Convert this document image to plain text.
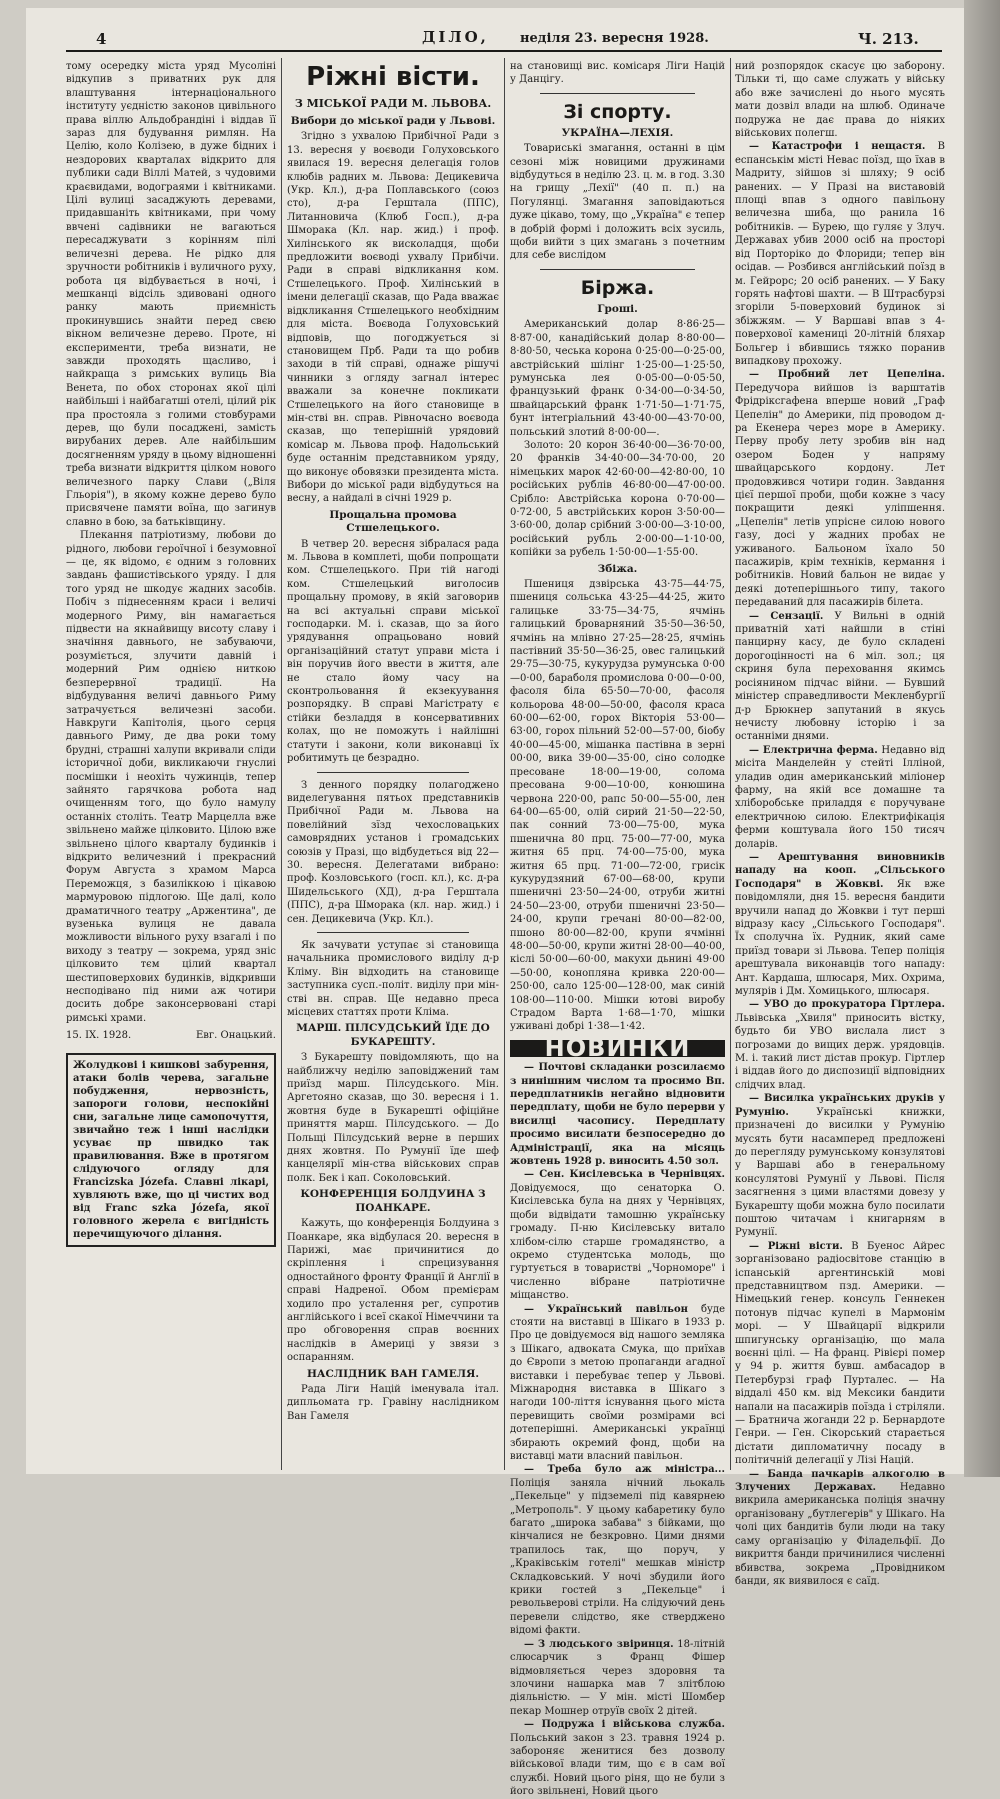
4	ДІЛО, неділя 23. вересня 1928.	Ч. 213.

тому осередку міста уряд Мусоліні відкупив з приватних рук для влаштування інтернаціонального інституту уєдністю законов цивільного права віллю Альдобрандіні і віддав її зараз для будування римлян. На Целію, коло Колізею, в дуже бідних і нездорових кварталах відкрито для публики сади Віллі Матей, з чудовими краєвидами, водограями і квітниками. Цілі вулиці засаджують деревами, придавшаніть квітниками, при чому ввчені садівники не вагаються пересаджувати з корінням пілі величезні дерева. Не рідко для зручности робітників і вуличного руху, робота ця відбувається в ночі, і мешканці відсіль здивовані однoго ранку мають приємність прокинувшись знайти перед свєю вікном величезне дерево. Проте, ні експерименти, треба визнати, не завжди проходять щасливо, і найкраща з римських вулиць Віа Венета, по обох сторонах якої цілі найбільші і найбагатші отелі, цілий рік пра простояла з голими стовбурами дерев, що були посаджені, замість вирубаних дерев. Але найбільшим досягненням уряду в цьому відношенні треба визнати відкриття цілком нового величезного парку Слави („Віля Гльорія"), в якому кожне дерево було присвячене памяти воїна, що загинув славно в бою, за батьківщину.

Плекання патріотизму, любови до рідного, любови героїчної і безумовної — це, як відомо, є одним з головних завдань фашистівського уряду. І для того уряд не шкодує жадних засобів. Побіч з піднесенням краси і величі модерного Риму, він намагається підвести на якнайвищу висоту славу і значіння давнього, не забуваючи, розуміється, злучити давній і модерний Рим однією ниткою безперервної традиції. На відбудування величі давнього Риму затрачується величезні засоби. Навкруги Капітолія, цього серця давнього Риму, де два роки тому брудні, страшні халупи вкривали сліди історичної доби, викликаючи гнуслиі посмішки і неохіть чужинців, тепер зайнято гарячкова робота над очищенням того, що було намулу останніх століть. Театр Марцеллa вже звільнено майже цілковито. Цілою вже звільнено цілого кварталу будинків і відкрито величезний і прекрасний Форум Августа з храмом Марса Переможця, з базиліккою і цікавою мармуровою підлогою. Ще далі, коло драматичного театру „Аржентина", де вузенька вулиця не давала можливости вільного руху взагалі і по виходу з театру — зокрема, уряд зніс цілковито тєм цілий квартал шестиповерхових будинків, відкривши несподівано під ними аж чотири досить добре законсервовані старі римські храми.

15. IX. 1928.	Евг. Онацький.
Жолудкові і кишкові забурення, атаки болів черева, загальне побудження, нервозність, запороги голови, неспокійні сни, загальне лице самопочуття, звичайно теж і інші наслідки усуває пр швидко так правилювання. Вже в протягом слідуючого огляду для Francizska Józefa. Славні лікарі, хувляють вже, що ці чистих вод від Franc szka Józefa, якої головного жерела є вигідність перечищуючого ділання.
Ріжні вісти.
З МІСЬКОЇ РАДИ М. ЛЬВОВА.
Вибори до міської ради у Львові.

Згідно з ухвалою Прибічної Ради з 13. вересня у воєводи Голуховського явилася 19. вересня делегація голов клюбів радних м. Львова: Децикевича (Укр. Кл.), д-ра Поплавського (союз сто), д-ра Герштала (ППС), Литанновича (Клюб Госп.), д-ра Шморака (Кл. нар. жид.) і проф. Хилінського як висколадця, щоби предложити воєводі ухвалу Прибічи. Ради в справі відкликання ком. Стшелецького. Проф. Хилінський в імени делегації сказав, що Рада вважає відкликання Стшелецького необхідним для міста. Воєвода Голуховський відповів, що погоджується зі становищем Прб. Ради та що робив заходи в тій справі, однаже рішучі чинники з огляду загнал інтерес вважали за конечне покликати Стшелецького на його становище в мін-стві вн. справ. Рівночасно воєвода сказав, що теперішній урядовий комісар м. Львова проф. Надольський буде останнім представником уряду, що виконує обовязки президента міста. Вибори до міської ради відбудуться на весну, а найдалі в січні 1929 р.

Прощальна промова Стшелецького.

В четвер 20. вересня зібралася рада м. Львова в комплеті, щоби попрощати ком. Стшелецького. При тій нагоді ком. Стшелецький виголосив прощальну промову, в якій заговорив на всі актуальні справи міської господарки. М. і. сказав, що за його урядування опрацьовано новий організаційний статут управи міста і він поручив його ввести в життя, але не стало йому часу на сконтрольовання й екзекуування розпорядку. В справі Магістрату є стійки безладдя в консервативних колах, що не поможуть і найлішні статути і закони, коли виконавці їх робитимуть це безрадно.

З денного порядку полагоджено виделегування пятьох представників Прибічної Ради м. Львова на повелійний зїзд чехословацьких самоврядних установ і громадських союзів у Празі, що відбудеться від 22—30. вересня. Делегатами вибрано: проф. Козловського (госп. кл.), кс. д-ра Шидельського (ХД), д-ра Герштала (ППС), д-ра Шморака (кл. нар. жид.) і сен. Децикевича (Укр. Кл.).

Як зачувати уступає зі становища начальника промислового виділу д-р Кліму. Він відходить на становище заступника сусп.-політ. виділу при мін-стві вн. справ. Ще недавно преса місцевих статтях проти Кліма.

МАРШ. ПІЛСУДСЬКИЙ ЇДЕ ДО БУКАРЕШТУ.

З Букарешту повідомляють, що на найближчу неділю заповіджений там приїзд марш. Пілсудського. Мін. Аргетояно сказав, що 30. вересня і 1. жовтня буде в Букарешті офіційне приняття марш. Пілсудського. — До Польщі Пілсудський верне в перших днях жовтня. По Румунії їде шеф канцелярії мін-ства військових справ полк. Бек і кап. Соколовський.

КОНФЕРЕНЦІЯ БОЛДУИНА З ПОАНКАРЕ.

Кажуть, що конференція Болдуина з Поанкаре, яка відбулася 20. вересня в Парижі, має причинитися до скріплення і спрецизування одностайного фронту Франції й Англії в справі Надреної. Обом премієрам ходило про усталення рег, супротив англійського і всеї скакої Німеччини та про обговорення справ воєнних наслідків в Америці у звязи з оспаранням.

НАСЛІДНИК ВАН ГАМЕЛЯ.

Рада Ліги Націй іменувала італ. дипльомата гр. Гравіну наслідником Ван Гамеля

на становищі вис. комісаря Ліги Націй у Данцігу.

Зі спорту.
УКРАЇНА—ЛЕХІЯ.

Товариські змагання, останні в цім сезоні між новицими дружинами відбудуться в неділю 23. ц. м. в год. 3.30 на грищу „Лехії" (40 п. п.) на Погулянці. Змагання заповідаються дуже цікаво, тому, що „Україна" є тепер в добрій формі і доложить всіх зусиль, щоби вийти з цих змагань з почетним для себе вислідом

Біржа.
Гроші.

Американський долар 8·86·25—8·87·00, канадійський долар 8·80·00—8·80·50, чеська корона 0·25·00—0·25·00, австрійський шілінг 1·25·00—1·25·50, румунська лея 0·05·00—0·05·50, французький франк 0·34·00—0·34·50, швайцарський франк 1·71·50—1·71·75, бунт інтегріальний 43·40·00—43·70·00, польський злотий 8·00·00—.

Золото: 20 корон 36·40·00—36·70·00, 20 франків 34·40·00—34·70·00, 20 німецьких марок 42·60·00—42·80·00, 10 російських рублів 46·80·00—47·00·00. Срібло: Австрійська корона 0·70·00—0·72·00, 5 австрійських корон 3·50·00—3·60·00, долар срібний 3·00·00—3·10·00, російський рубль 2·00·00—1·10·00, копійки за рубель 1·50·00—1·55·00.

Збіжа.

Пшениця дзвірська 43·75—44·75, пшениця сольська 43·25—44·25, жито галицьке 33·75—34·75, ячмінь галицький броварняний 35·50—36·50, ячмінь на млівно 27·25—28·25, ячмінь пастівний 35·50—36·25, овес галицький 29·75—30·75, кукурудза румунська 0·00—0·00, бараболя промислова 0·00—0·00, фасоля біла 65·50—70·00, фасоля кольорова 48·00—50·00, фасоля краса 60·00—62·00, горох Вікторія 53·00—63·00, горох пільний 52·00—57·00, біобу 40·00—45·00, мішанка пастівна в зерні 00·00, вика 39·00—35·00, сіно солодке пресоване 18·00—19·00, солома пресована 9·00—10·00, конюшина червона 220·00, рапс 50·00—55·00, лен 64·00—65·00, олій сирий 21·50—22·50, пак сонний 73·00—75·00, мука пшенична 80 прц. 75·00—77·00, мука житня 65 прц. 74·00—75·00, мука житня 65 прц. 71·00—72·00, грисік кукурудзяний 67·00—68·00, крупи пшеничні 23·50—24·00, отруби житні 24·50—23·00, отруби пшеничні 23·50—24·00, крупи гречані 80·00—82·00, пшоно 80·00—82·00, крупи ячмінні 48·00—50·00, крупи житні 28·00—40·00, кіслі 50·00—60·00, макухи дьнині 49·00—50·00, конопляна кривка 220·00—250·00, сало 125·00—128·00, мак синій 108·00—110·00. Мішки ютові виробу Страдом Варта 1·68—1·70, мішки уживані добрі 1·38—1·42.

НОВИНКИ

— Почтові складанки розсилаємо з нинішним числом та просимо Вп. передплатників негайно відновити передплату, щоби не було перерви у висилці часопису. Передплату просимо висилати безпосередно до Адміністрації, яка на місяць жовтень 1928 р. виносить 4.50 зол.

— Сен. Кисілевська в Чернівцях. Довідуємося, що сенаторка О. Кисілевська була на днях у Чернівцях, щоби відвідати тамошню українську громаду. П-ню Кисілевську витало хлібом-сілю старше громадянство, а окремо студентська молодь, що гуртується в товаристві „Чорноморе" і численно вібране патріотичне міщанство.

— Український павільон буде стояти на виставці в Шікаго в 1933 р. Про це довідуємося від нашого земляка з Шікаго, адвоката Смука, що приїхав до Європи з метою пропаганди агадної виставки і перебуває тепер у Львові. Міжнародня виставка в Шікаго з нагоди 100-ліття існування цього міста перевищить своїми розмірами всі дотеперішні. Американські українці збирають окремий фонд, щоби на виставці мати власний павільон.

— Треба було аж міністра... Поліція заняла нічний льокаль „Пекельце" у підземелі під кавярнею „Метрополь". У цьому кабаретику було багато „широка забава" з бійками, що кінчалися не безкровно. Цими днями трапилось так, що поруч, у „Краківськім готелі" мешкав міністр Складковський. У ночі збудили його крики гостей з „Пекельце" і револьверові стріли. На слідуючий день перевели слідство, яке стверджено відомі факти.

— З людського звіринця. 18-літній слюсарчик з Франц Фішер відмовляється через здоровня та злочини нашарка мав 7 злітблою діяльністю. — У мін. місті Шомбер пекар Мошнер отруїв своїх 2 дітей.

— Подружа і військова служба. Польський закон з 23. травня 1924 р. забороняє женитися без дозволу військової влади тим, що є в сам вої службі. Новий цього ріня, що не були з його звільнені, Новий цього

ний розпорядок скасує цю заборону. Тільки ті, що саме служать у війську або вже зачислені до нього мусять мати дозвіл влади на шлюб. Одиначе подружа не дає права до ніяких військових полегш.

— Катастрофи і нещастя. В еспанськім місті Невас поїзд, що їхав в Мадриту, зійшов зі шляху; 9 осіб ранених. — У Празі на виставовій площі впав з одного павільону величезна шиба, що ранила 16 робітників. — Бурею, що гуляє у Злуч. Державах убив 2000 осіб на просторі від Порторіко до Флориди; тепер він осідав. — Розбився англійський поїзд в м. Гейрорс; 20 осіб ранених. — У Баку горять нафтові шахти. — В Штрасбурзі згоріли 5-поверховий будинок зі збіжжям. — У Варшаві впав з 4-поверхової камениці 20-літній бляхар Больгер і вбившись тяжко поранив випадкову прохожу.

— Пробний лет Цепеліна. Передучора вийшов із варштатів Фрідріксгафена вперше новий „Граф Цепелін" до Америки, під проводом д-ра Екенера через море в Америку. Перву пробу лету зробив він над озером Боден у напряму швайцарського кордону. Лет продовжився чотири годин. Завдання цієї першої проби, щоби кожне з часу покращити деякі уліпшення. „Цепелін" летів упрісне силою нового газу, досі у жадних пробах не уживаного. Бальоном їхало 50 пасажирів, крім техніків, кермання і робітників. Новий бальон не видає у деякі дотеперішнього типу, такого передаваний для пасажирів білета.

— Сензації. У Вильні в одній приватній хаті найшли в стіні панцирну касу, де було складені дорогоцінності на 6 міл. зол.; ця скриня була переховання якимсь росіянином підчас війни. — Бувший міністер справедливости Мекленбургії д-р Брюкнер запутаний в якусь нечисту любовну історію і за останніми днями.

— Електрична ферма. Недавно від місіта Манделейн у стейті Ілліной, уладив один американський міліонер фарму, на якій все домашне та хліборобське приладдя є поручуване електричною силою. Електрифікація ферми коштувала його 150 тисяч доларів.

— Арештування виновників нападу на кооп. „Сільського Господаря" в Жовкві. Як вже повідомляли, дня 15. вересня бандити вручили напад до Жовкви і тут перші відразу касу „Сільського Господаря". Їх сполучна їх. Рудник, який саме приїзд товари зі Львова. Тепер поліція арештувала виконавців того нападу: Ант. Кардаша, шлюсаря, Мих. Охрима, мулярів і Дм. Хомицького, шлюсаря.

— УВО до прокуратора Гіртлера. Львівська „Хвиля" приносить вістку, будьто би УВО вислала лист з погрозами до вищих держ. урядовців. М. і. такий лист дістав прокур. Гіртлер і віддав його до диспозиції відповідних слідчих влад.

— Висилка українських друків у Румунію.	Українські книжки, призначені до висилки у Румунію мусять бути насамперед предложені до перегляду румунському конзулятові у Варшаві або в генеральному консулятові Румунії у Львові. Після засягнення з цими властями довезу у Букарешту щоби можна було посилати поштою читачам і книгарням в Румунії.

— Ріжні вісти. В Буенос Айрес зорганізовано радіосвітове станцію в іспанській аргентинській мові представництвом пзд. Америки. — Німецький генер. консуль Геннекен потонув підчас купелі в Мармонім морі. — У Швайцарії відкрили шпигунську організацію, що мала воєнні цілі. — На франц. Рівієрі помер у 94 р. життя бувш. амбасадор в Петербурзі граф Пурталес. — На віддалі 450 км. від Мексики бандити напали на пасажирів поїзда і стріляли. — Братнича жоганди 22 р. Бернардоте Генри. — Ген. Сікорський старається дістати дипломатичну посаду в політичній делегації у Лізі Націй.

— Банда пачкарів алкоголю в Злучених Державах. Недавно викрила американська поліція значну організовану „бутлегерів" у Шікаго. На чолі цих бандитів були люди на таку саму організацію у Філадельфії. До викриття банди причинилися численні вбивства, зокрема „Провідником банди, як виявилося є саїд.
